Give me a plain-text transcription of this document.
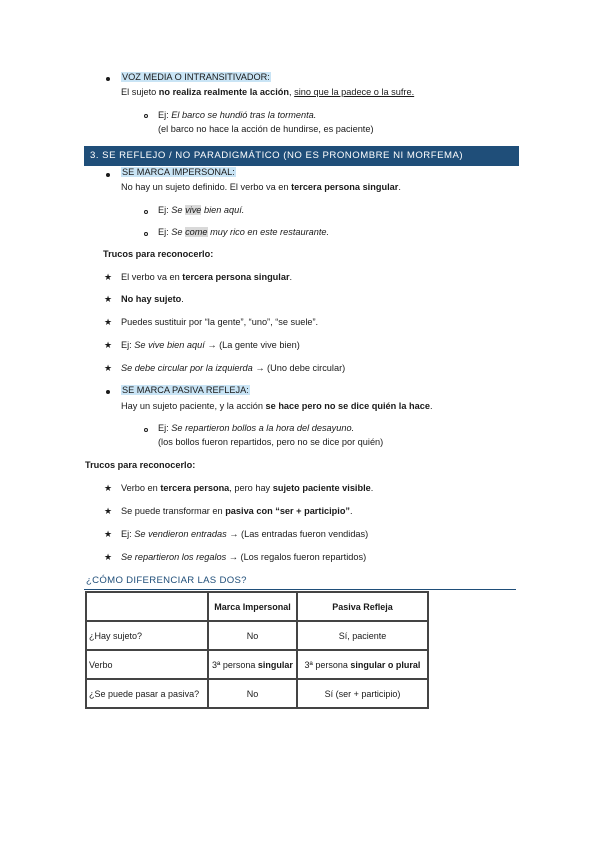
VOZ MEDIA O INTRANSITIVADOR:
El sujeto no realiza realmente la acción, sino que la padece o la sufre.
Ej: El barco se hundió tras la tormenta.
(el barco no hace la acción de hundirse, es paciente)
3. SE REFLEJO / NO PARADIGMÁTICO (NO ES PRONOMBRE NI MORFEMA)
SE MARCA IMPERSONAL:
No hay un sujeto definido. El verbo va en tercera persona singular.
Ej: Se vive bien aquí.
Ej: Se come muy rico en este restaurante.
Trucos para reconocerlo:
★ El verbo va en tercera persona singular.
★ No hay sujeto.
★ Puedes sustituir por “la gente”, “uno”, “se suele”.
★ Ej: Se vive bien aquí → (La gente vive bien)
★ Se debe circular por la izquierda → (Uno debe circular)
SE MARCA PASIVA REFLEJA:
Hay un sujeto paciente, y la acción se hace pero no se dice quién la hace.
Ej: Se repartieron bollos a la hora del desayuno.
(los bollos fueron repartidos, pero no se dice por quién)
Trucos para reconocerlo:
★ Verbo en tercera persona, pero hay sujeto paciente visible.
★ Se puede transformar en pasiva con “ser + participio”.
★ Ej: Se vendieron entradas → (Las entradas fueron vendidas)
★ Se repartieron los regalos → (Los regalos fueron repartidos)
¿CÓMO DIFERENCIAR LAS DOS?
	Marca Impersonal	Pasiva Refleja
¿Hay sujeto?	No	Sí, paciente
Verbo	3ª persona singular	3ª persona singular o plural
¿Se puede pasar a pasiva?	No	Sí (ser + participio)
